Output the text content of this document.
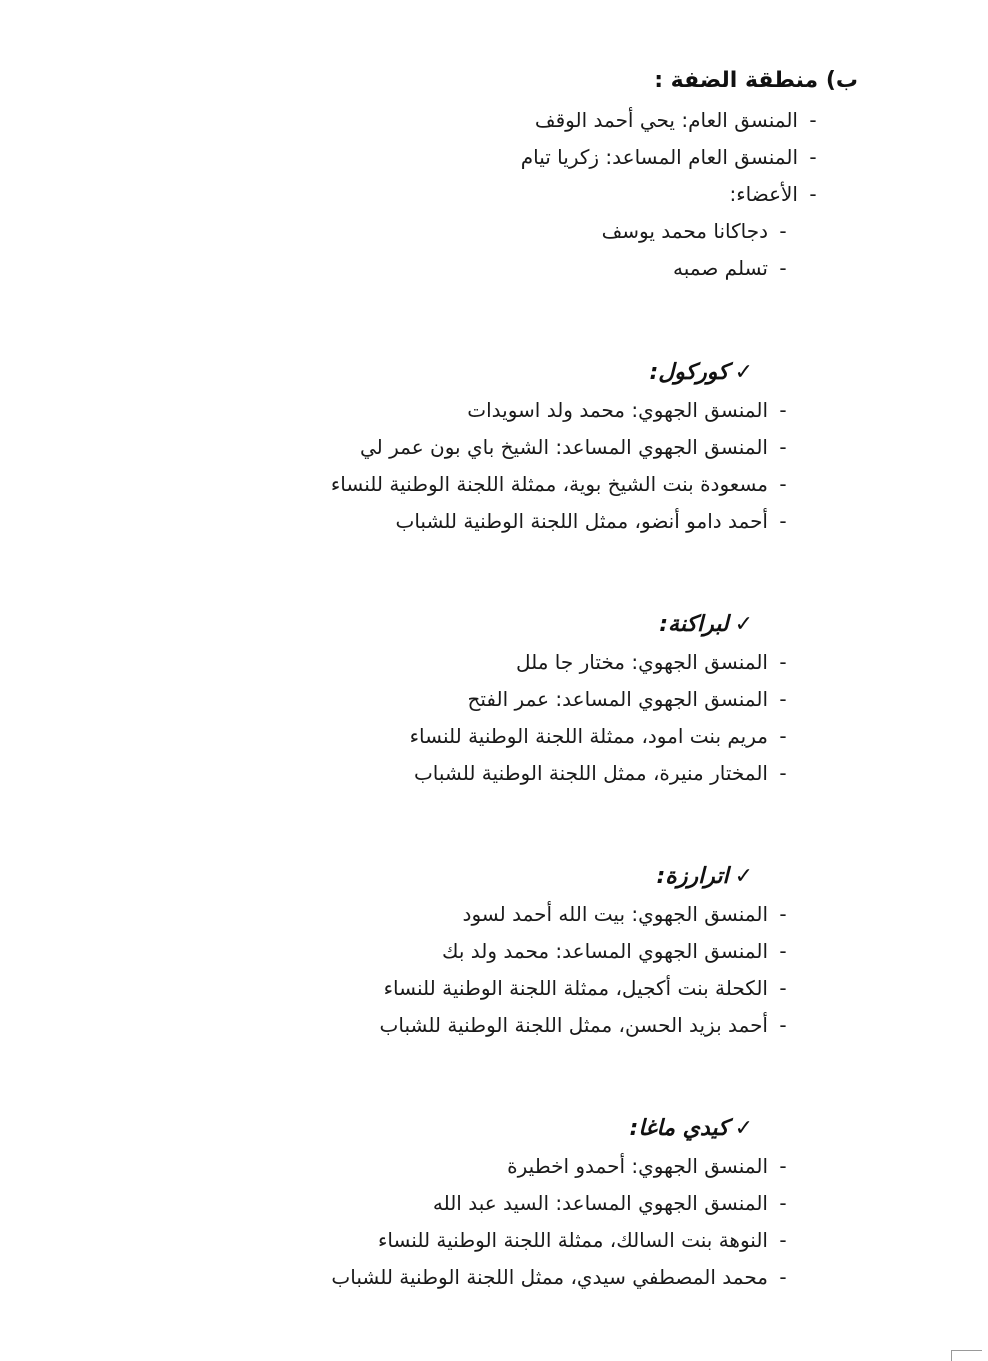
ب) منطقة الضفة :
-المنسق العام: يحي أحمد الوقف
-المنسق العام المساعد: زكريا تيام
-الأعضاء:
-دجاكانا محمد يوسف
-تسلم صمبه
✓كوركول:
-المنسق الجهوي: محمد ولد اسويدات
-المنسق الجهوي المساعد: الشيخ باي بون عمر لي
-مسعودة بنت الشيخ بوية، ممثلة اللجنة الوطنية للنساء
-أحمد دامو أنضو، ممثل اللجنة الوطنية للشباب
✓لبراكنة:
-المنسق الجهوي: مختار جا ملل
-المنسق الجهوي المساعد: عمر الفتح
-مريم بنت امود، ممثلة اللجنة الوطنية للنساء
-المختار منيرة، ممثل اللجنة الوطنية للشباب
✓اترارزة:
-المنسق الجهوي: بيت الله أحمد لسود
-المنسق الجهوي المساعد: محمد ولد بك
-الكحلة بنت أكجيل، ممثلة اللجنة الوطنية للنساء
-أحمد بزيد الحسن، ممثل اللجنة الوطنية للشباب
✓كيدي ماغا:
-المنسق الجهوي: أحمدو اخطيرة
-المنسق الجهوي المساعد: السيد عبد الله
-النوهة بنت السالك، ممثلة اللجنة الوطنية للنساء
-محمد المصطفي سيدي، ممثل اللجنة الوطنية للشباب
